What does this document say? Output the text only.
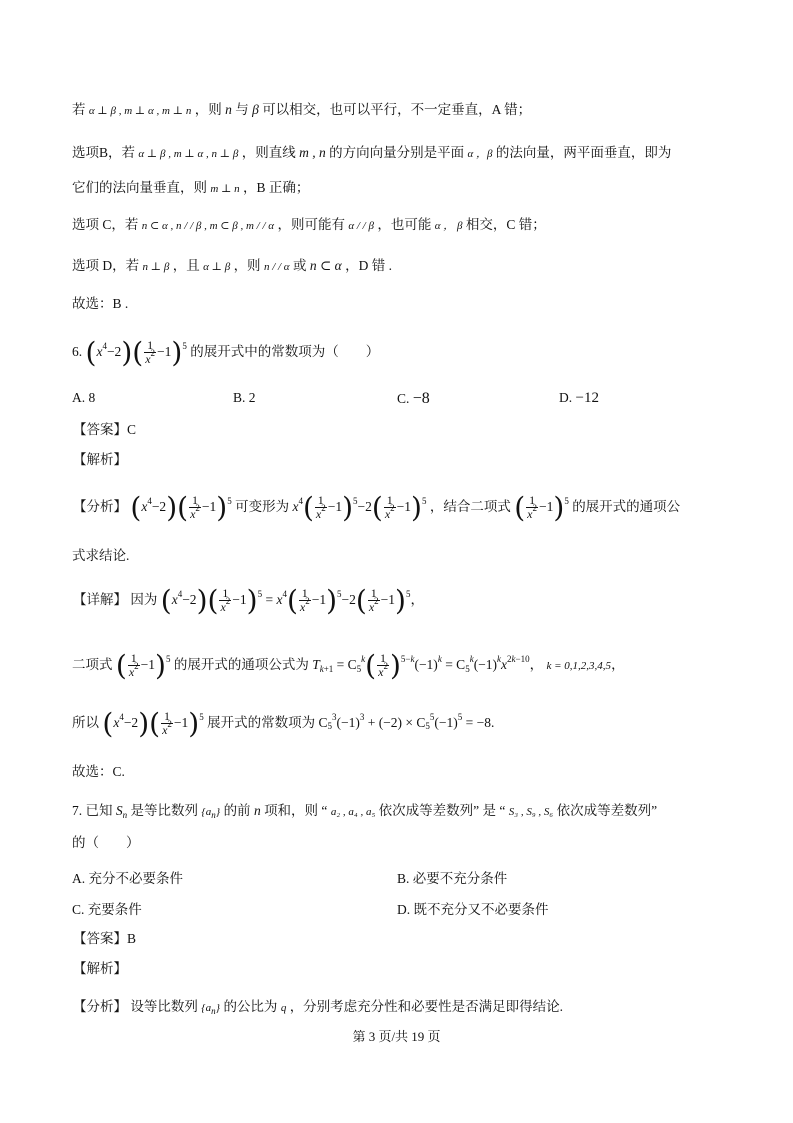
若 α ⊥ β , m ⊥ α , m ⊥ n ，则 n 与 β 可以相交，也可以平行，不一定垂直，A 错；
选项B，若 α ⊥ β , m ⊥ α , n ⊥ β ，则直线 m , n 的方向向量分别是平面 α ，β 的法向量，两平面垂直，即为
它们的法向量垂直，则 m ⊥ n ，B 正确；
选项 C，若 n ⊂ α , n / / β , m ⊂ β , m / / α ，则可能有 α / / β ，也可能 α ， β 相交，C 错；
选项 D，若 n ⊥ β ，且 α ⊥ β ，则 n / / α 或 n ⊂ α ，D 错 .
故选：B .
6. $(x^4-2)( \frac{1}{x^2} -1)^5$ 的展开式中的常数项为（　　）
A. 8	B. 2	C. −8	D. −12
【答案】C
【解析】
【分析】 $(x^4-2)( \frac{1}{x^2} -1)^5$ 可变形为 $x^4( \frac{1}{x^2} -1)^5-2( \frac{1}{x^2} -1)^5$ ，结合二项式 ( $\frac{1}{x^2} -1)^5$ 的展开式的通项公
式求结论.
【详解】 因为 $(x^4-2)( \frac{1}{x^2} -1)^5 = x^4( \frac{1}{x^2} -1)^5-2( \frac{1}{x^2} -1)^5$，
二项式 ( $\frac{1}{x^2} -1)^5$ 的展开式的通项公式为 $T_{k+1} = C_5^k( \frac{1}{x^2} )^{5-k}(-1)^k = C_5^k(-1)^kx^{2k-10}$， k = 0,1,2,3,4,5，
所以 $(x^4-2)( \frac{1}{x^2} -1)^5$ 展开式的常数项为 $C_5^3(-1)^3 + (-2) \times C_5^5(-1)^5 = -8$.
故选：C.
7. 已知 $S_n$ 是等比数列 $\{a_n\}$ 的前 n 项和，则 “ a₂ , a₄ , a₅ 依次成等差数列” 是 “ S₃ , S₉ , S₆ 依次成等差数列”
的（　　）
A. 充分不必要条件	B. 必要不充分条件
C. 充要条件	D. 既不充分又不必要条件
【答案】B
【解析】
【分析】 设等比数列 $\{a_n\}$ 的公比为 q ，分别考虑充分性和必要性是否满足即得结论.
第 3 页/共 19 页
